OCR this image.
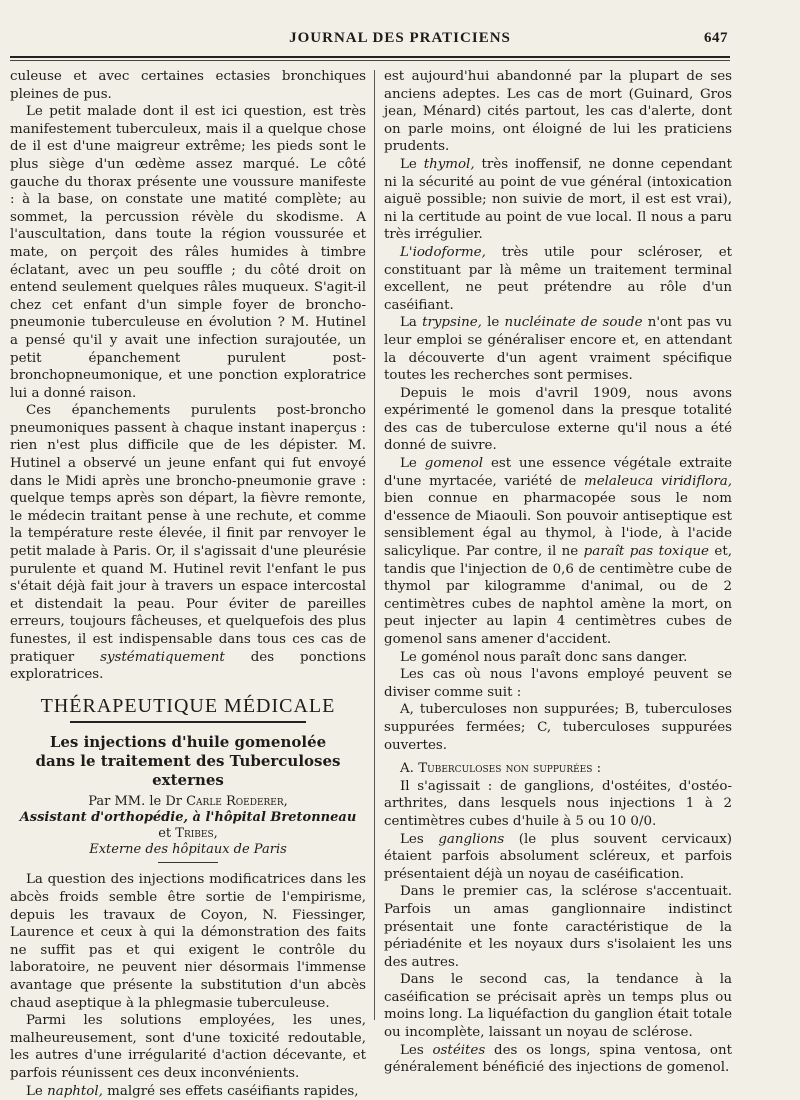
JOURNAL DES PRATICIENS	647

culeuse et avec certaines ectasies bronchiques pleines de pus.

Le petit malade dont il est ici question, est très manifestement tuberculeux, mais il a quelque chose de il est d'une maigreur extrême; les pieds sont le plus siège d'un œdème assez marqué. Le côté gauche du thorax présente une voussure manifeste : à la base, on constate une matité complète; au sommet, la percussion révèle du skodisme. A l'auscultation, dans toute la région voussurée et mate, on perçoit des râles humides à timbre éclatant, avec un peu souffle ; du côté droit on entend seulement quelques râles muqueux. S'agit-il chez cet enfant d'un simple foyer de broncho-pneumonie tuberculeuse en évolution ? M. Hutinel a pensé qu'il y avait une infection surajoutée, un petit épanchement purulent post-bronchopneumonique, et une ponction exploratrice lui a donné raison.

Ces épanchements purulents post-broncho pneumoniques passent à chaque instant inaperçus : rien n'est plus difficile que de les dépister. M. Hutinel a observé un jeune enfant qui fut envoyé dans le Midi après une broncho-pneumonie grave : quelque temps après son départ, la fièvre remonte, le médecin traitant pense à une rechute, et comme la température reste élevée, il finit par renvoyer le petit malade à Paris. Or, il s'agissait d'une pleurésie purulente et quand M. Hutinel revit l'enfant le pus s'était déjà fait jour à travers un espace intercostal et distendait la peau. Pour éviter de pareilles erreurs, toujours fâcheuses, et quelquefois des plus funestes, il est indispensable dans tous ces cas de pratiquer systématiquement des ponctions exploratrices.

THÉRAPEUTIQUE MÉDICALE
Les injections d'huile gomenolée
dans le traitement des Tuberculoses externes
Par MM. le Dr Carle Roederer,
Assistant d'orthopédie, à l'hôpital Bretonneau
et Tribes,
Externe des hôpitaux de Paris

La question des injections modificatrices dans les abcès froids semble être sortie de l'empirisme, depuis les travaux de Coyon, N. Fiessinger, Laurence et ceux à qui la démonstration des faits ne suffit pas et qui exigent le contrôle du laboratoire, ne peuvent nier désormais l'immense avantage que présente la substitution d'un abcès chaud aseptique à la phlegmasie tuberculeuse.

Parmi les solutions employées, les unes, malheureusement, sont d'une toxicité redoutable, les autres d'une irrégularité d'action décevante, et parfois réunissent ces deux inconvénients.

Le naphtol, malgré ses effets caséifiants rapides,

est aujourd'hui abandonné par la plupart de ses anciens adeptes. Les cas de mort (Guinard, Gros jean, Ménard) cités partout, les cas d'alerte, dont on parle moins, ont éloigné de lui les praticiens prudents.

Le thymol, très inoffensif, ne donne cependant ni la sécurité au point de vue général (intoxication aiguë possible; non suivie de mort, il est est vrai), ni la certitude au point de vue local. Il nous a paru très irrégulier.

L'iodoforme, très utile pour scléroser, et constituant par là même un traitement terminal excellent, ne peut prétendre au rôle d'un caséifiant.

La trypsine, le nucléinate de soude n'ont pas vu leur emploi se généraliser encore et, en attendant la découverte d'un agent vraiment spécifique toutes les recherches sont permises.

Depuis le mois d'avril 1909, nous avons expérimenté le gomenol dans la presque totalité des cas de tuberculose externe qu'il nous a été donné de suivre.

Le gomenol est une essence végétale extraite d'une myrtacée, variété de melaleuca viridiflora, bien connue en pharmacopée sous le nom d'essence de Miaouli. Son pouvoir antiseptique est sensiblement égal au thymol, à l'iode, à l'acide salicylique. Par contre, il ne paraît pas toxique et, tandis que l'injection de 0,6 de centimètre cube de thymol par kilogramme d'animal, ou de 2 centimètres cubes de naphtol amène la mort, on peut injecter au lapin 4 centimètres cubes de gomenol sans amener d'accident.

Le goménol nous paraît donc sans danger.

Les cas où nous l'avons employé peuvent se diviser comme suit :

A, tuberculoses non suppurées; B, tuberculoses suppurées fermées; C, tuberculoses suppurées ouvertes.

A. Tuberculoses non suppurées :

Il s'agissait : de ganglions, d'ostéites, d'ostéo-arthrites, dans lesquels nous injections 1 à 2 centimètres cubes d'huile à 5 ou 10 0/0.

Les ganglions (le plus souvent cervicaux) étaient parfois absolument scléreux, et parfois présentaient déjà un noyau de caséification.

Dans le premier cas, la sclérose s'accentuait. Parfois un amas ganglionnaire indistinct présentait une fonte caractéristique de la périadénite et les noyaux durs s'isolaient les uns des autres.

Dans le second cas, la tendance à la caséification se précisait après un temps plus ou moins long. La liquéfaction du ganglion était totale ou incomplète, laissant un noyau de sclérose.

Les ostéites des os longs, spina ventosa, ont généralement bénéficié des injections de gomenol.
